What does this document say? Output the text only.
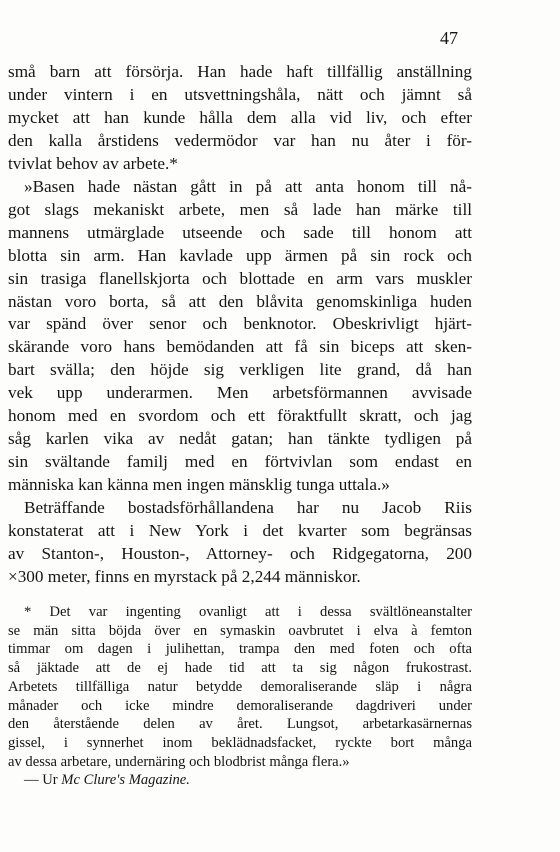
47
små barn att försörja. Han hade haft tillfällig anställning
under vintern i en utsvettningshåla, nätt och jämnt så
mycket att han kunde hålla dem alla vid liv, och efter
den kalla årstidens vedermödor var han nu åter i för-
tvivlat behov av arbete.*
»Basen hade nästan gått in på att anta honom till nå-
got slags mekaniskt arbete, men så lade han märke till
mannens utmärglade utseende och sade till honom att
blotta sin arm. Han kavlade upp ärmen på sin rock och
sin trasiga flanellskjorta och blottade en arm vars muskler
nästan voro borta, så att den blåvita genomskinliga huden
var spänd över senor och benknotor. Obeskrivligt hjärt-
skärande voro hans bemödanden att få sin biceps att sken-
bart svälla; den höjde sig verkligen lite grand, då han
vek upp underarmen. Men arbetsförmannen avvisade
honom med en svordom och ett föraktfullt skratt, och jag
såg karlen vika av nedåt gatan; han tänkte tydligen på
sin svältande familj med en förtvivlan som endast en
människa kan känna men ingen mänsklig tunga uttala.»
Beträffande bostadsförhållandena har nu Jacob Riis
konstaterat att i New York i det kvarter som begränsas
av Stanton-, Houston-, Attorney- och Ridgegatorna, 200
×300 meter, finns en myrstack på 2,244 människor.
* Det var ingenting ovanligt att i dessa svältlöneanstalter
se män sitta böjda över en symaskin oavbrutet i elva à femton
timmar om dagen i julihettan, trampa den med foten och ofta
så jäktade att de ej hade tid att ta sig någon frukostrast.
Arbetets tillfälliga natur betydde demoraliserande släp i några
månader och icke mindre demoraliserande dagdriveri under
den återstående delen av året. Lungsot, arbetarkasärnernas
gissel, i synnerhet inom beklädnadsfacket, ryckte bort många
av dessa arbetare, undernäring och blodbrist många flera.»
— Ur Mc Clure's Magazine.
